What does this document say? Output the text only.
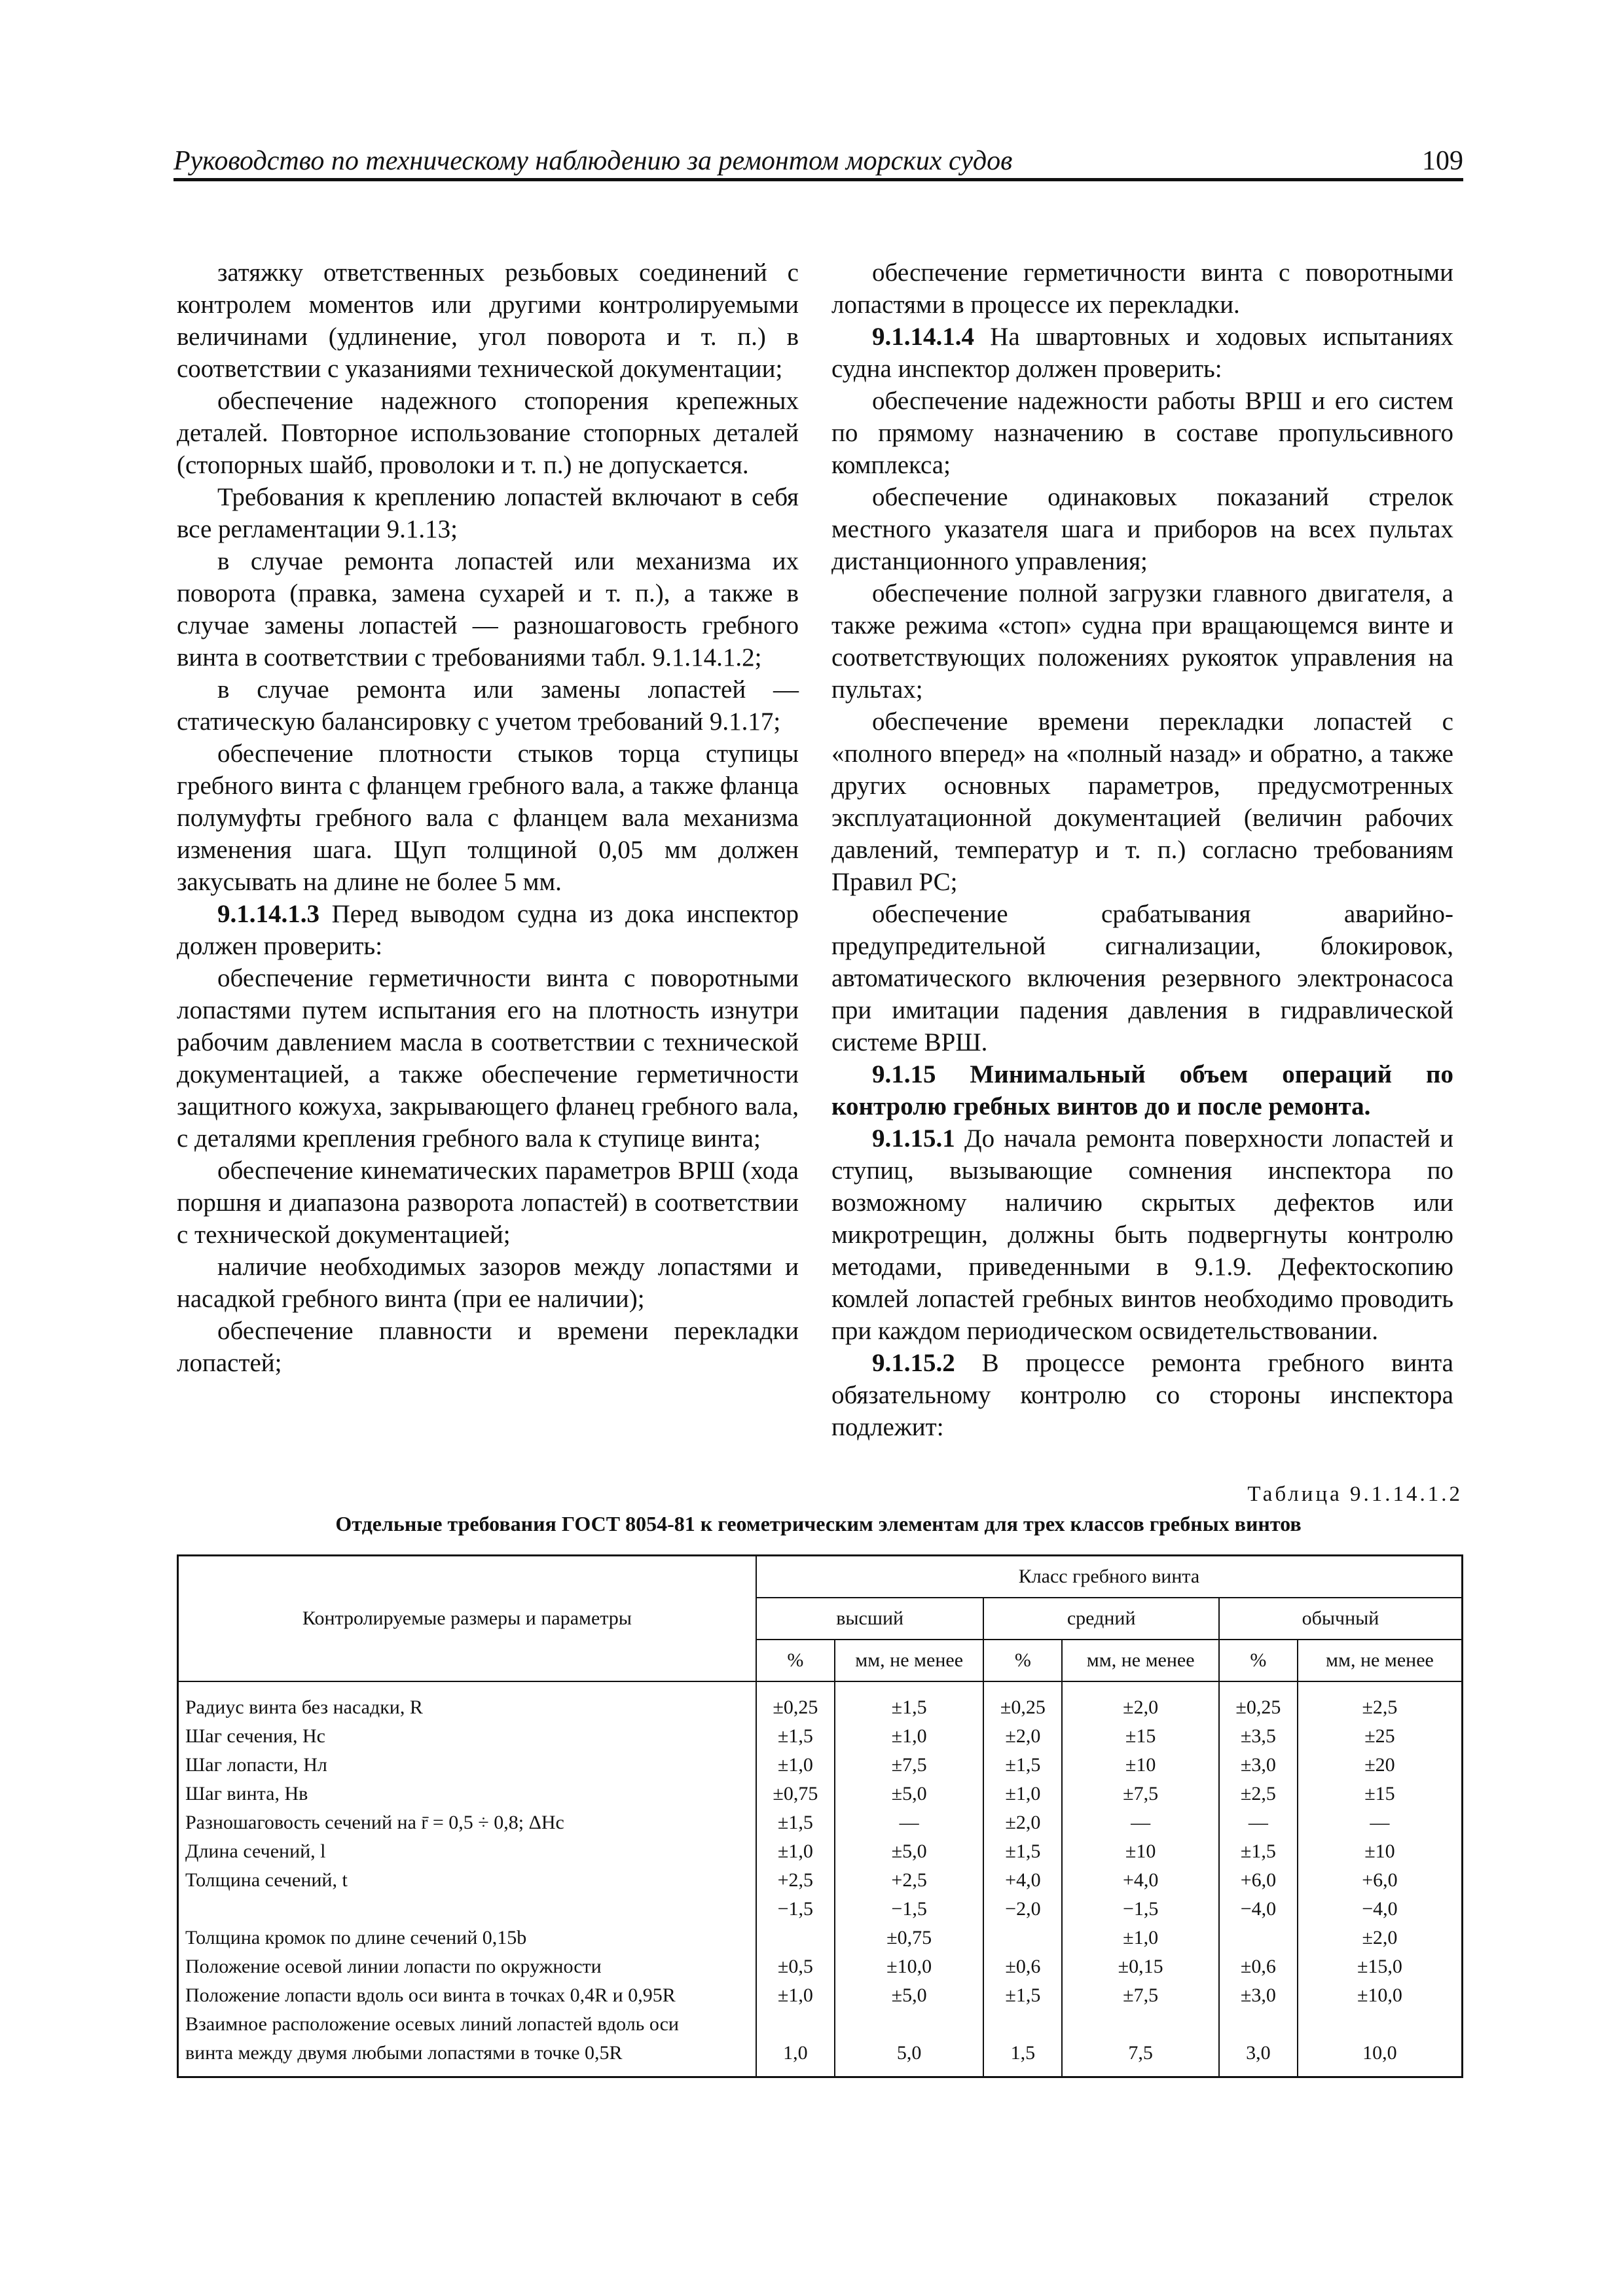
Руководство по техническому наблюдению за ремонтом морских судов	109

затяжку ответственных резьбовых соединений с контролем моментов или другими контролируемыми величинами (удлинение, угол поворота и т. п.) в соответствии с указаниями технической документации;

обеспечение надежного стопорения крепежных деталей. Повторное использование стопорных деталей (стопорных шайб, проволоки и т. п.) не допускается.

Требования к креплению лопастей включают в себя все регламентации 9.1.13;

в случае ремонта лопастей или механизма их поворота (правка, замена сухарей и т. п.), а также в случае замены лопастей — разношаговость гребного винта в соответствии с требованиями табл. 9.1.14.1.2;

в случае ремонта или замены лопастей — статическую балансировку с учетом требований 9.1.17;

обеспечение плотности стыков торца ступицы гребного винта с фланцем гребного вала, а также фланца полумуфты гребного вала с фланцем вала механизма изменения шага. Щуп толщиной 0,05 мм должен закусывать на длине не более 5 мм.

9.1.14.1.3 Перед выводом судна из дока инспектор должен проверить:

обеспечение герметичности винта с поворотными лопастями путем испытания его на плотность изнутри рабочим давлением масла в соответствии с технической документацией, а также обеспечение герметичности защитного кожуха, закрывающего фланец гребного вала, с деталями крепления гребного вала к ступице винта;

обеспечение кинематических параметров ВРШ (хода поршня и диапазона разворота лопастей) в соответствии с технической документацией;

наличие необходимых зазоров между лопастями и насадкой гребного винта (при ее наличии);

обеспечение плавности и времени перекладки лопастей;

обеспечение герметичности винта с поворотными лопастями в процессе их перекладки.

9.1.14.1.4 На швартовных и ходовых испытаниях судна инспектор должен проверить:

обеспечение надежности работы ВРШ и его систем по прямому назначению в составе пропульсивного комплекса;

обеспечение одинаковых показаний стрелок местного указателя шага и приборов на всех пультах дистанционного управления;

обеспечение полной загрузки главного двигателя, а также режима «стоп» судна при вращающемся винте и соответствующих положениях рукояток управления на пультах;

обеспечение времени перекладки лопастей с «полного вперед» на «полный назад» и обратно, а также других основных параметров, предусмотренных эксплуатационной документацией (величин рабочих давлений, температур и т. п.) согласно требованиям Правил РС;

обеспечение срабатывания аварийно-предупредительной сигнализации, блокировок, автоматического включения резервного электронасоса при имитации падения давления в гидравлической системе ВРШ.

9.1.15 Минимальный объем операций по контролю гребных винтов до и после ремонта.

9.1.15.1 До начала ремонта поверхности лопастей и ступиц, вызывающие сомнения инспектора по возможному наличию скрытых дефектов или микротрещин, должны быть подвергнуты контролю методами, приведенными в 9.1.9. Дефектоскопию комлей лопастей гребных винтов необходимо проводить при каждом периодическом освидетельствовании.

9.1.15.2 В процессе ремонта гребного винта обязательному контролю со стороны инспектора подлежит:

Таблица 9.1.14.1.2
Отдельные требования ГОСТ 8054-81 к геометрическим элементам для трех классов гребных винтов
Контролируемые размеры и параметры	Класс гребного винта					
	высший		средний		обычный	
	%	мм, не менее	%	мм, не менее	%	мм, не менее
Радиус винта без насадки, R	±0,25	±1,5	±0,25	±2,0	±0,25	±2,5
Шаг сечения, Hс	±1,5	±1,0	±2,0	±15	±3,5	±25
Шаг лопасти, Hл	±1,0	±7,5	±1,5	±10	±3,0	±20
Шаг винта, Hв	±0,75	±5,0	±1,0	±7,5	±2,5	±15
Разношаговость сечений на r̄ = 0,5 ÷ 0,8; ΔHс	±1,5	—	±2,0	—	—	—
Длина сечений, l	±1,0	±5,0	±1,5	±10	±1,5	±10
Толщина сечений, t	+2,5	+2,5	+4,0	+4,0	+6,0	+6,0
	−1,5	−1,5	−2,0	−1,5	−4,0	−4,0
Толщина кромок по длине сечений 0,15b		±0,75		±1,0		±2,0
Положение осевой линии лопасти по окружности	±0,5	±10,0	±0,6	±0,15	±0,6	±15,0
Положение лопасти вдоль оси винта в точках 0,4R и 0,95R	±1,0	±5,0	±1,5	±7,5	±3,0	±10,0
Взаимное расположение осевых линий лопастей вдоль оси						
винта между двумя любыми лопастями в точке 0,5R	1,0	5,0	1,5	7,5	3,0	10,0
